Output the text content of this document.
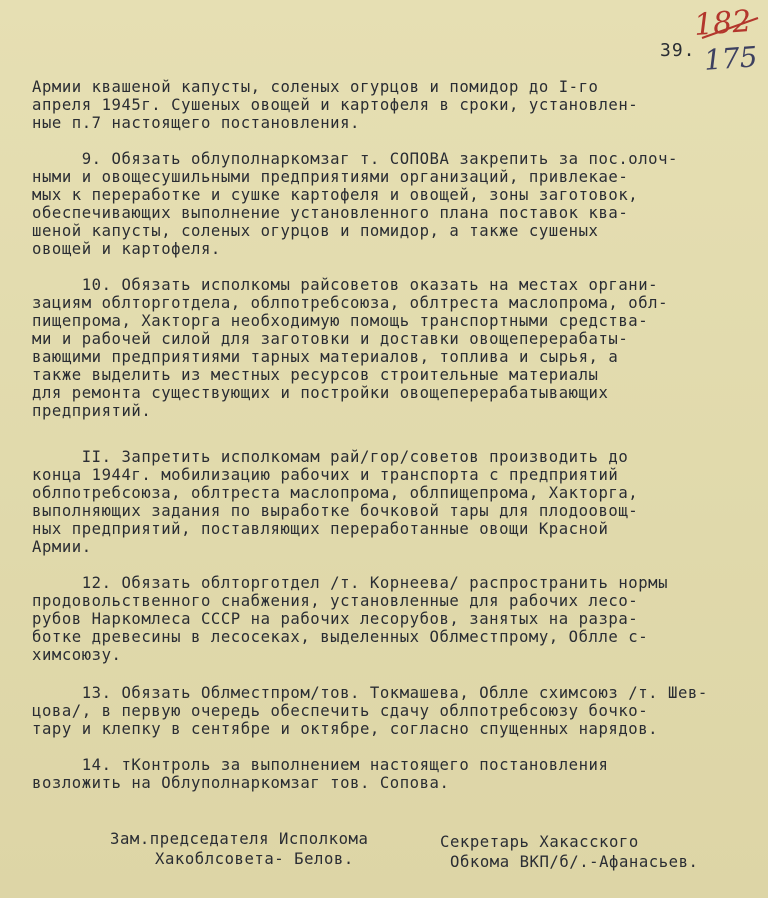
182
175
39.
Армии квашеной капусты, соленых огурцов и помидор до I-го
апреля 1945г. Сушеных овощей и картофеля в сроки, установлен-
ные п.7 настоящего постановления.
9. Обязать облуполнаркомзаг т. СОПОВА закрепить за пос.олоч-
ными и овощесушильными предприятиями организаций, привлекае-
мых к переработке и сушке картофеля и овощей, зоны заготовок,
обеспечивающих выполнение установленного плана поставок ква-
шеной капусты, соленых огурцов и помидор, а также сушеных
овощей и картофеля.
10. Обязать исполкомы райсоветов оказать на местах органи-
зациям облторготдела, облпотребсоюза, облтреста маслопрома, обл-
пищепрома, Хакторга необходимую помощь транспортными средства-
ми и рабочей силой для заготовки и доставки овощеперерабаты-
вающими предприятиями тарных материалов, топлива и сырья, а
также выделить из местных ресурсов строительные материалы
для ремонта существующих и постройки овощеперерабатывающих
предприятий.
II. Запретить исполкомам рай/гор/советов производить до
конца 1944г. мобилизацию рабочих и транспорта с предприятий
облпотребсоюза, облтреста маслопрома, облпищепрома, Хакторга,
выполняющих задания по выработке бочковой тары для плодоовощ-
ных предприятий, поставляющих переработанные овощи Красной
Армии.
12. Обязать облторготдел /т. Корнеева/ распространить нормы
продовольственного снабжения, установленные для рабочих лесо-
рубов Наркомлеса СССР на рабочих лесорубов, занятых на разра-
ботке древесины в лесосеках, выделенных Облместпрому, Облле с-
химсоюзу.
13. Обязать Облместпром/тов. Токмашева, Облле схимсоюз /т. Шев-
цова/, в первую очередь обеспечить сдачу облпотребсоюзу бочко-
тару и клепку в сентябре и октябре, согласно спущенных нарядов.
14. тКонтроль за выполнением настоящего постановления
возложить на Облуполнаркомзаг тов. Сопова.
Зам.председателя Исполкома
Хакоблсовета- Белов.
Секретарь Хакасского
Обкома ВКП/б/.-Афанасьев.
